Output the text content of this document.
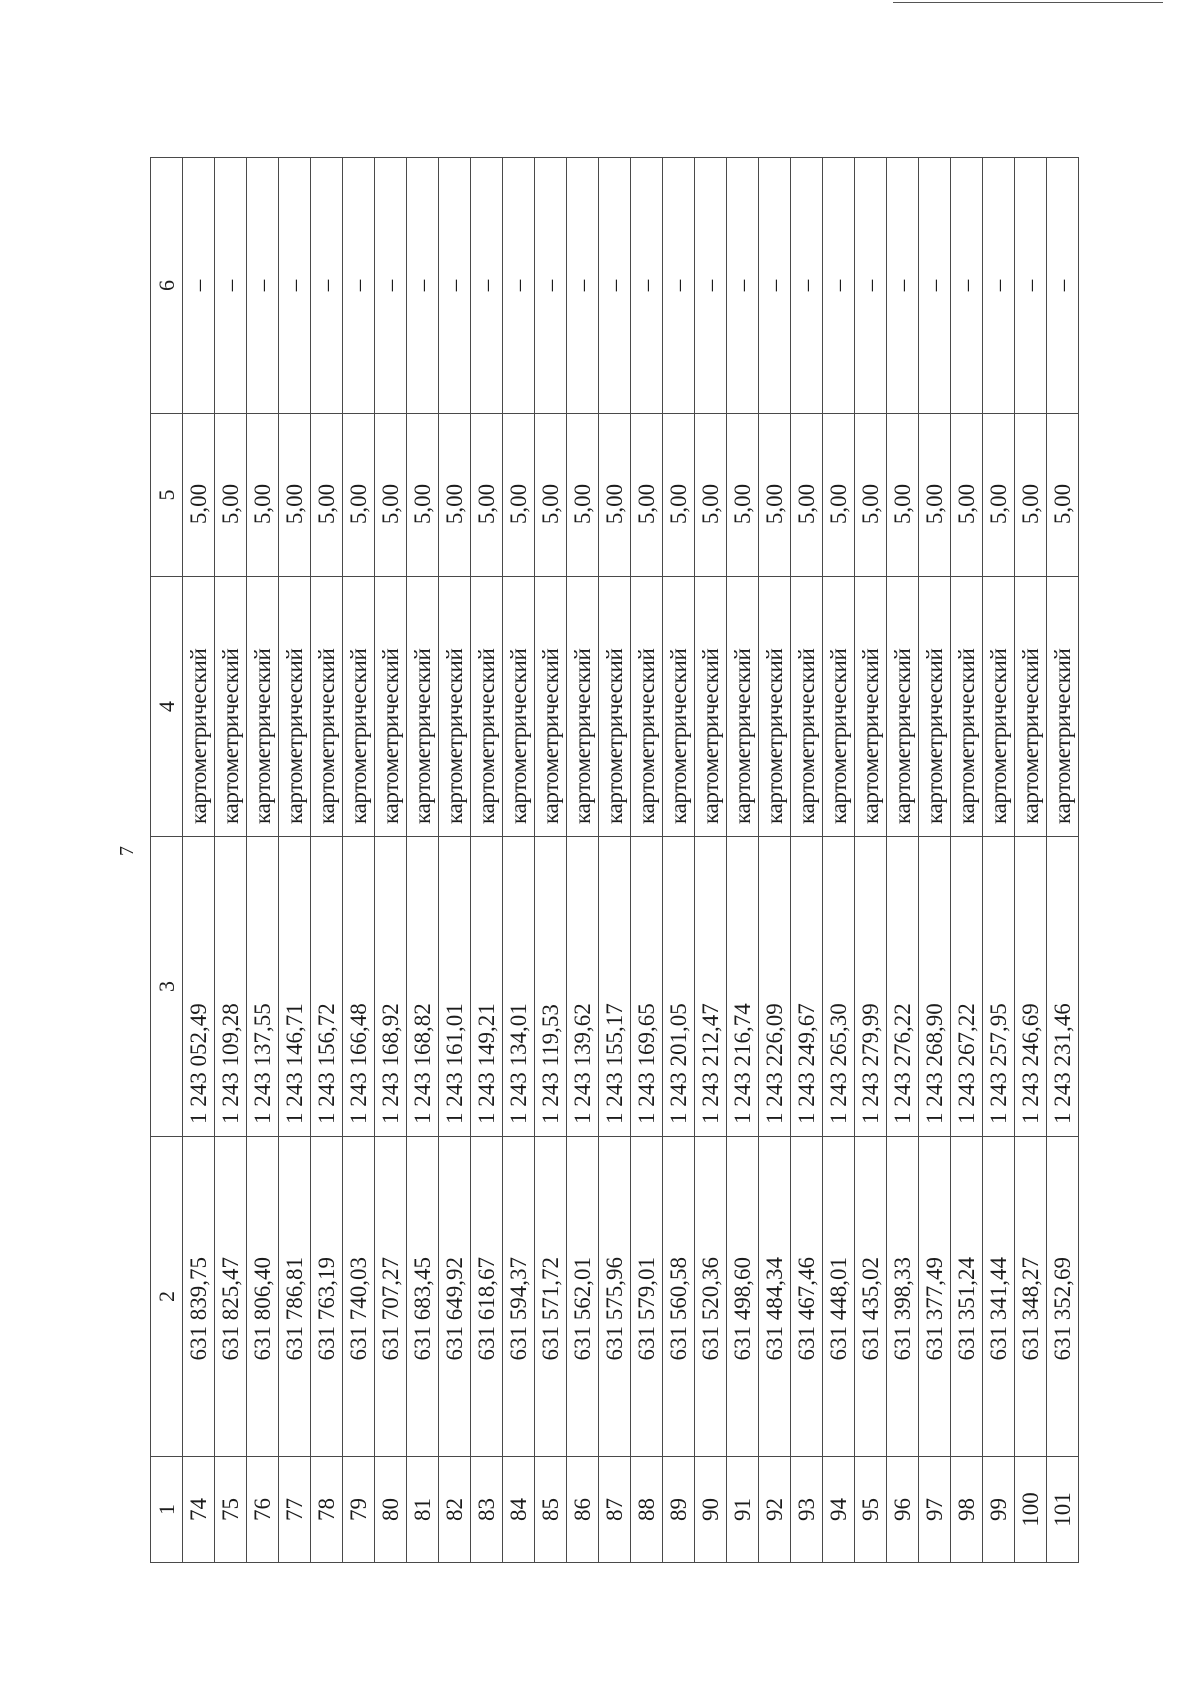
7
1	2	3	4	5	6
74	631 839,75	1 243 052,49	картометрический	5,00	–
75	631 825,47	1 243 109,28	картометрический	5,00	–
76	631 806,40	1 243 137,55	картометрический	5,00	–
77	631 786,81	1 243 146,71	картометрический	5,00	–
78	631 763,19	1 243 156,72	картометрический	5,00	–
79	631 740,03	1 243 166,48	картометрический	5,00	–
80	631 707,27	1 243 168,92	картометрический	5,00	–
81	631 683,45	1 243 168,82	картометрический	5,00	–
82	631 649,92	1 243 161,01	картометрический	5,00	–
83	631 618,67	1 243 149,21	картометрический	5,00	–
84	631 594,37	1 243 134,01	картометрический	5,00	–
85	631 571,72	1 243 119,53	картометрический	5,00	–
86	631 562,01	1 243 139,62	картометрический	5,00	–
87	631 575,96	1 243 155,17	картометрический	5,00	–
88	631 579,01	1 243 169,65	картометрический	5,00	–
89	631 560,58	1 243 201,05	картометрический	5,00	–
90	631 520,36	1 243 212,47	картометрический	5,00	–
91	631 498,60	1 243 216,74	картометрический	5,00	–
92	631 484,34	1 243 226,09	картометрический	5,00	–
93	631 467,46	1 243 249,67	картометрический	5,00	–
94	631 448,01	1 243 265,30	картометрический	5,00	–
95	631 435,02	1 243 279,99	картометрический	5,00	–
96	631 398,33	1 243 276,22	картометрический	5,00	–
97	631 377,49	1 243 268,90	картометрический	5,00	–
98	631 351,24	1 243 267,22	картометрический	5,00	–
99	631 341,44	1 243 257,95	картометрический	5,00	–
100	631 348,27	1 243 246,69	картометрический	5,00	–
101	631 352,69	1 243 231,46	картометрический	5,00	–
